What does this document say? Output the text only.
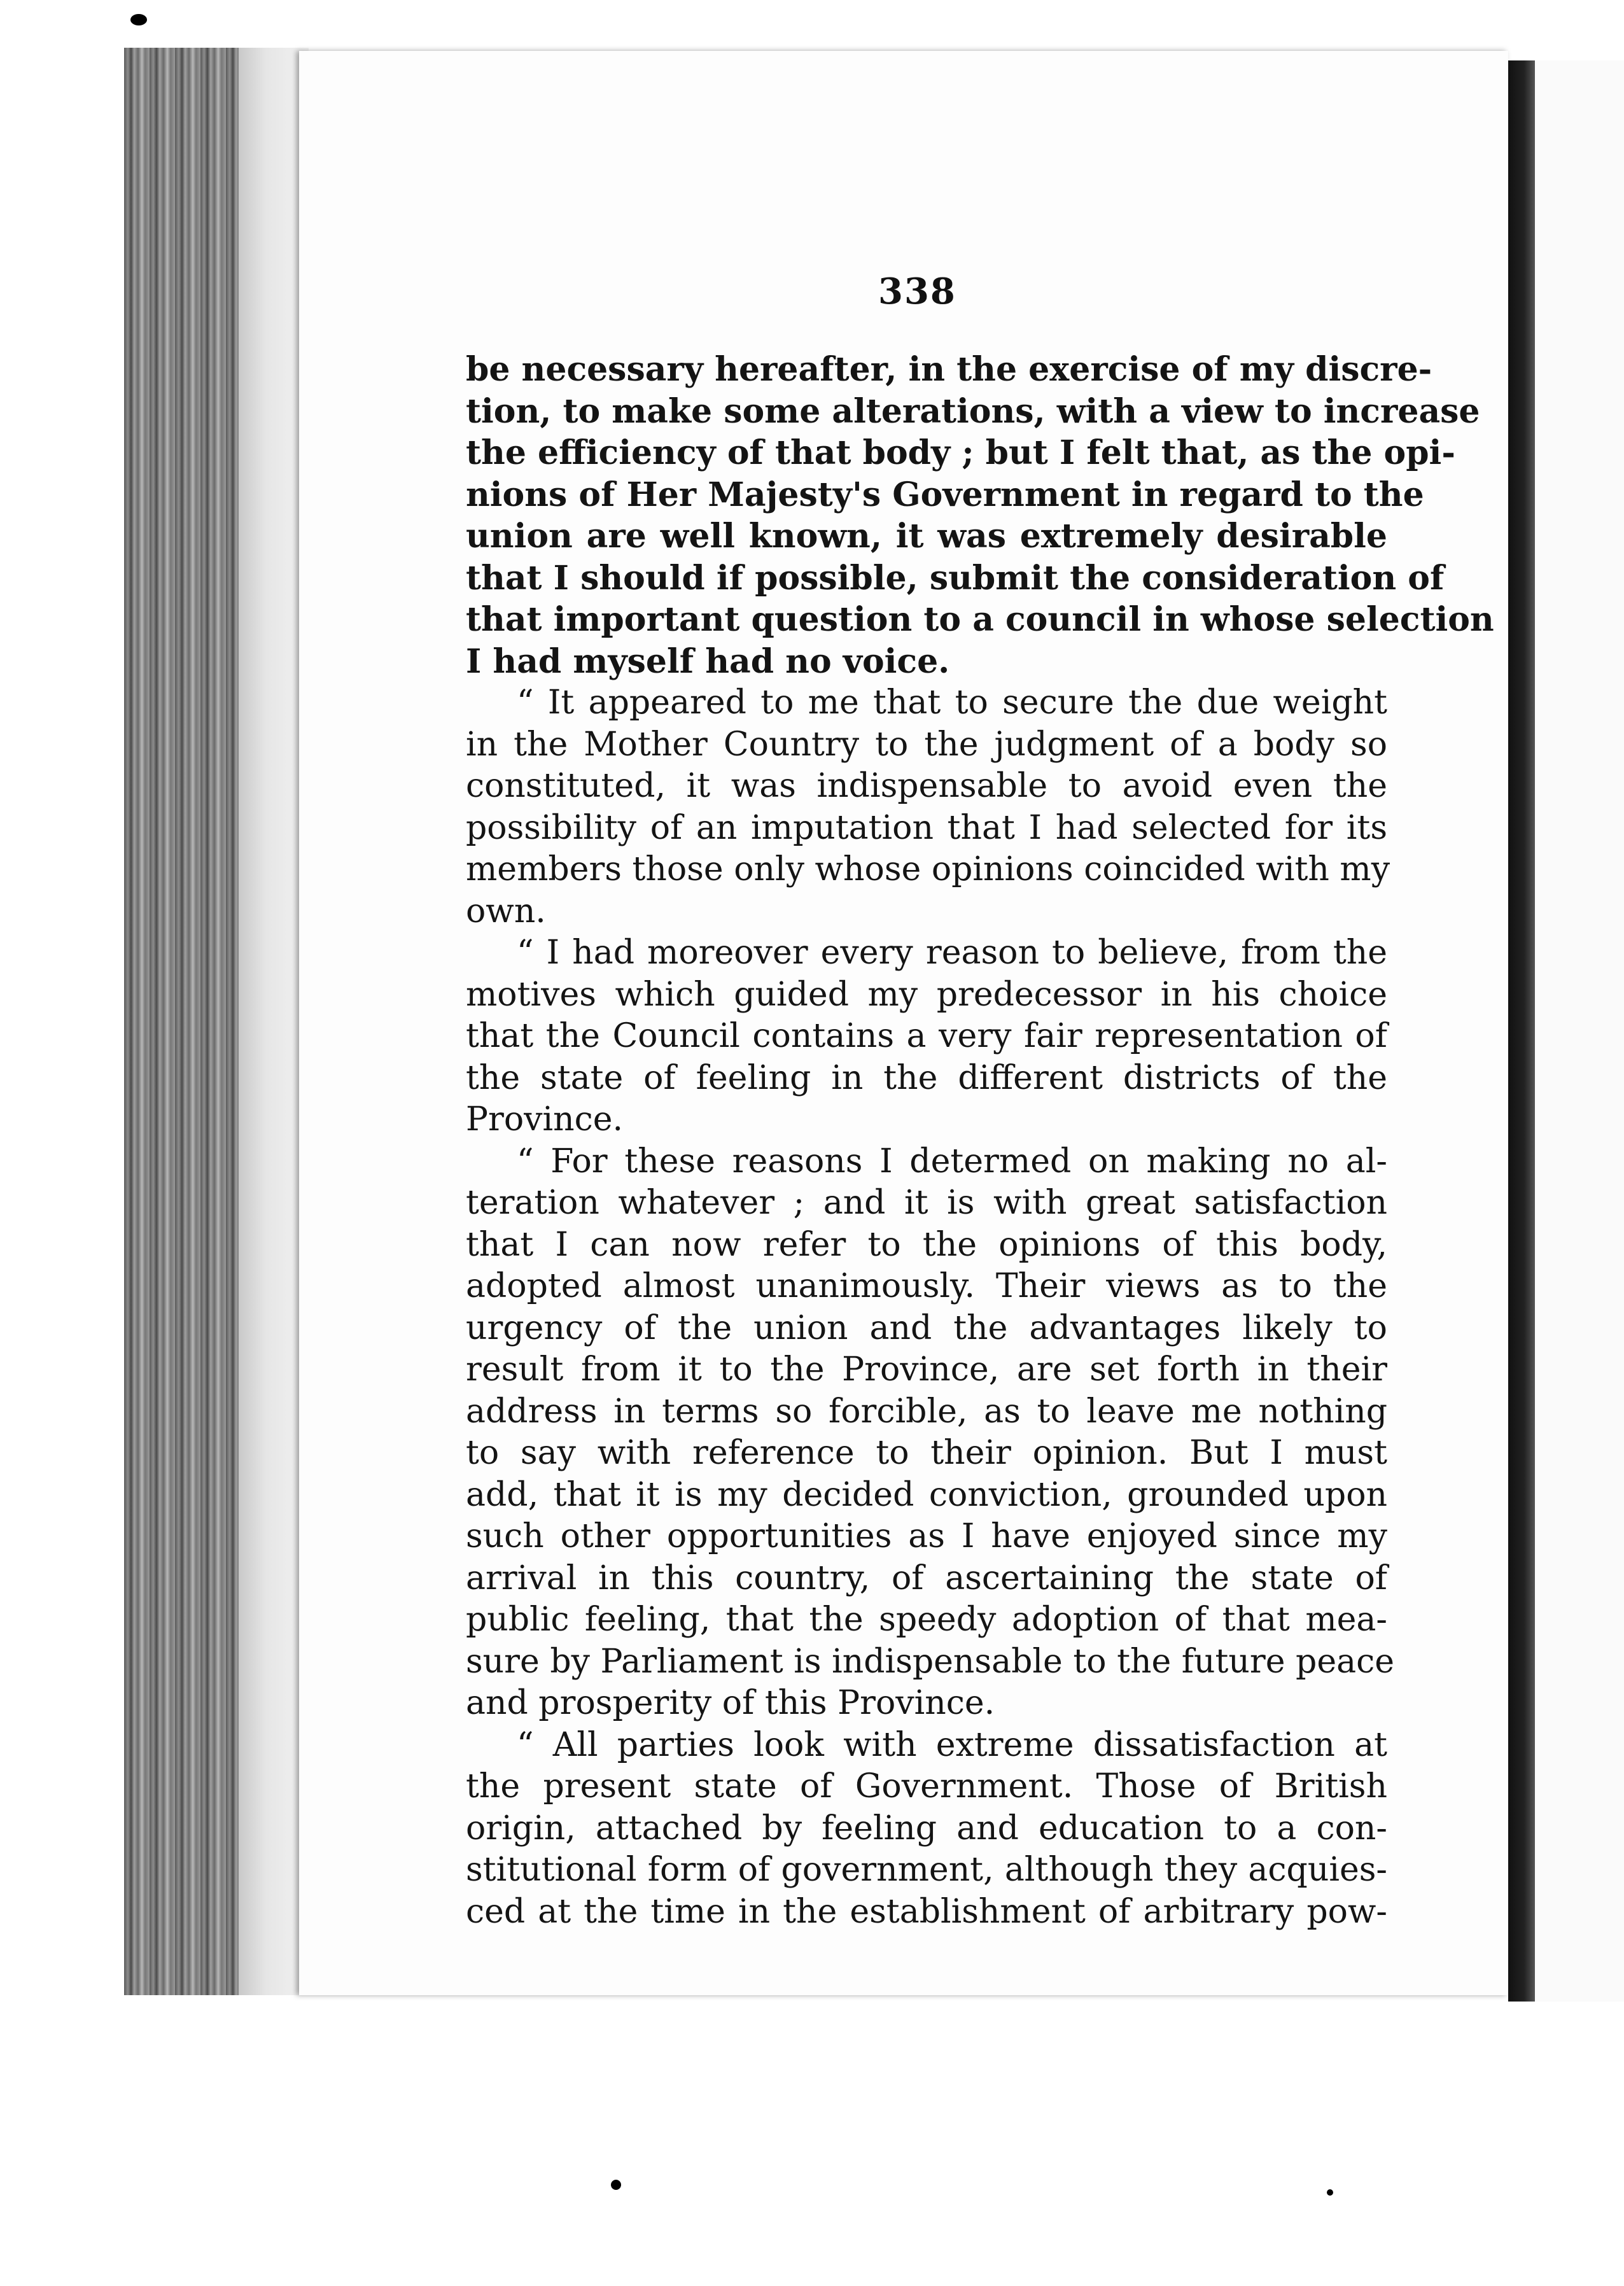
338
be necessary hereafter, in the exercise of my discre-
tion, to make some alterations, with a view to increase
the efficiency of that body ; but I felt that, as the opi-
nions of Her Majesty's Government in regard to the
union are well known, it was extremely desirable
that I should if possible, submit the consideration of
that important question to a council in whose selection
I had myself had no voice.
“ It appeared to me that to secure the due weight
in the Mother Country to the judgment of a body so
constituted, it was indispensable to avoid even the
possibility of an imputation that I had selected for its
members those only whose opinions coincided with my
own.
“ I had moreover every reason to believe, from the
motives which guided my predecessor in his choice
that the Council contains a very fair representation of
the state of feeling in the different districts of the
Province.
“ For these reasons I determed on making no al-
teration whatever ; and it is with great satisfaction
that I can now refer to the opinions of this body,
adopted almost unanimously. Their views as to the
urgency of the union and the advantages likely to
result from it to the Province, are set forth in their
address in terms so forcible, as to leave me nothing
to say with reference to their opinion. But I must
add, that it is my decided conviction, grounded upon
such other opportunities as I have enjoyed since my
arrival in this country, of ascertaining the state of
public feeling, that the speedy adoption of that mea-
sure by Parliament is indispensable to the future peace
and prosperity of this Province.
“ All parties look with extreme dissatisfaction at
the present state of Government. Those of British
origin, attached by feeling and education to a con-
stitutional form of government, although they acquies-
ced at the time in the establishment of arbitrary pow-
